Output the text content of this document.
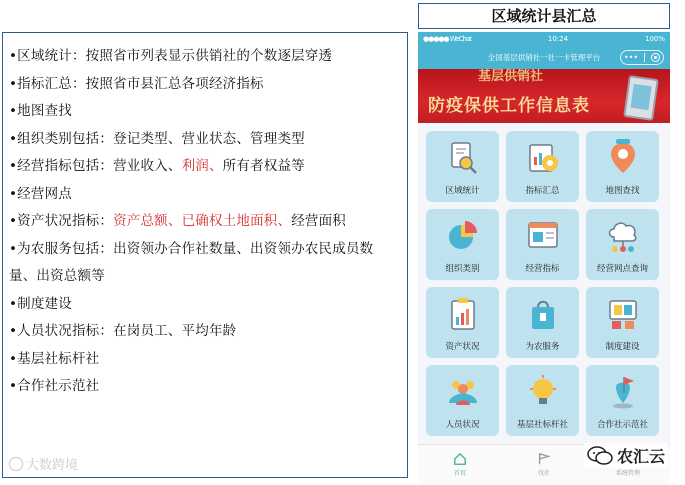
•区域统计：按照省市列表显示供销社的个数逐层穿透
•指标汇总：按照省市县汇总各项经济指标
•地图查找
•组织类别包括：登记类型、营业状态、管理类型
•经营指标包括：营业收入、利润、所有者权益等
•经营网点
•资产状况指标：资产总额、已确权土地面积、经营面积
•为农服务包括：出资领办合作社数量、出资领办农民成员数
量、出资总额等
•制度建设
•人员状况指标：在岗员工、平均年龄
•基层社标杆社
•合作社示范社
大数跨境
区域统计县汇总
●●●●● WeChat	10:24	100%
全国基层供销社一社一卡管理平台	•••
基层供销社
防疫保供工作信息表
区域统计	指标汇总	地图查找
组织类别	经营指标	经营网点查询
资产状况	为农服务	制度建设
人员状况	基层社标杆社	合作社示范社
首页	伐社	系统管理
农汇云
